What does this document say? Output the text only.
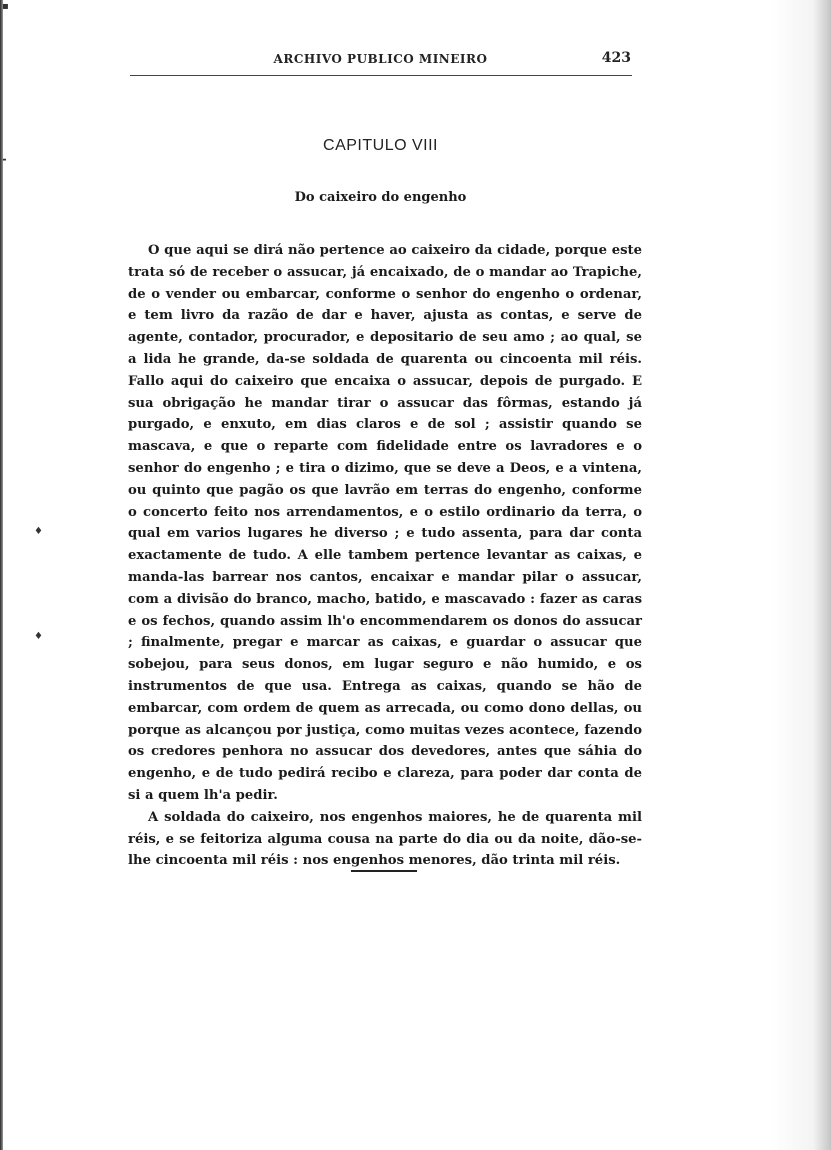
▪
╸
♦
♦
ARCHIVO PUBLICO MINEIRO	423
CAPITULO VIII
Do caixeiro do engenho

O que aqui se dirá não pertence ao caixeiro da cidade, porque este trata só de receber o assucar, já encaixado, de o mandar ao Trapiche, de o vender ou embarcar, conforme o senhor do engenho o ordenar, e tem livro da razão de dar e haver, ajusta as contas, e serve de agente, contador, procurador, e depositario de seu amo ; ao qual, se a lida he grande, da-se soldada de quarenta ou cincoenta mil réis. Fallo aqui do caixeiro que encaixa o assucar, depois de purgado. E sua obrigação he mandar tirar o assucar das fôrmas, estando já purgado, e enxuto, em dias claros e de sol ; assistir quando se mascava, e que o reparte com fidelidade entre os lavradores e o senhor do engenho ; e tira o dizimo, que se deve a Deos, e a vintena, ou quinto que pagão os que lavrão em terras do engenho, conforme o concerto feito nos arrendamentos, e o estilo ordinario da terra, o qual em varios lugares he diverso ; e tudo assenta, para dar conta exactamente de tudo. A elle tambem pertence levantar as caixas, e manda-las barrear nos cantos, encaixar e mandar pilar o assucar, com a divisão do branco, macho, batido, e mascavado : fazer as caras e os fechos, quando assim lh'o encommendarem os donos do assucar ; finalmente, pregar e marcar as caixas, e guardar o assucar que sobejou, para seus donos, em lugar seguro e não humido, e os instrumentos de que usa. Entrega as caixas, quando se hão de embarcar, com ordem de quem as arrecada, ou como dono dellas, ou porque as alcançou por justiça, como muitas vezes acontece, fazendo os credores penhora no assucar dos devedores, antes que sáhia do engenho, e de tudo pedirá recibo e clareza, para poder dar conta de si a quem lh'a pedir.

A soldada do caixeiro, nos engenhos maiores, he de quarenta mil réis, e se feitoriza alguma cousa na parte do dia ou da noite, dão-se-lhe cincoenta mil réis : nos engenhos menores, dão trinta mil réis.
